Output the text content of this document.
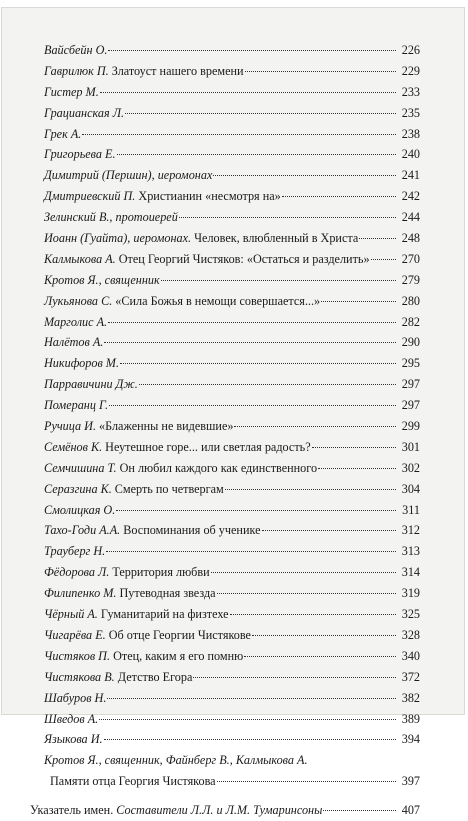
Вайсбейн О.	226
Гаврилюк П. Златоуст нашего времени	229
Гистер М.	233
Грацианская Л.	235
Грек А.	238
Григорьева Е.	240
Димитрий (Першин), иеромонах	241
Дмитриевский П. Христианин «несмотря на»	242
Зелинский В., протоиерей	244
Иоанн (Гуайта), иеромонах. Человек, влюбленный в Христа	248
Калмыкова А. Отец Георгий Чистяков: «Остаться и разделить»	270
Кротов Я., священник	279
Лукьянова С. «Сила Божья в немощи совершается...»	280
Марголис А.	282
Налётов А.	290
Никифоров М.	295
Парравичини Дж.	297
Померанц Г.	297
Ручица И. «Блаженны не видевшие»	299
Семёнов К. Неутешное горе... или светлая радость?	301
Семчишина Т. Он любил каждого как единственного	302
Серазгина К. Смерть по четвергам	304
Смолицкая О.	311
Тахо-Годи А.А. Воспоминания об ученике	312
Трауберг Н.	313
Фёдорова Л. Территория любви	314
Филипенко М. Путеводная звезда	319
Чёрный А. Гуманитарий на физтехе	325
Чигарёва Е. Об отце Георгии Чистякове	328
Чистяков П. Отец, каким я его помню	340
Чистякова В. Детство Егора	372
Шабуров Н.	382
Шведов А.	389
Языкова И.	394
Кротов Я., священник, Файнберг В., Калмыкова А.
Памяти отца Георгия Чистякова	397
Указатель имен. Составители Л.Л. и Л.М. Тумаринсоны	407
